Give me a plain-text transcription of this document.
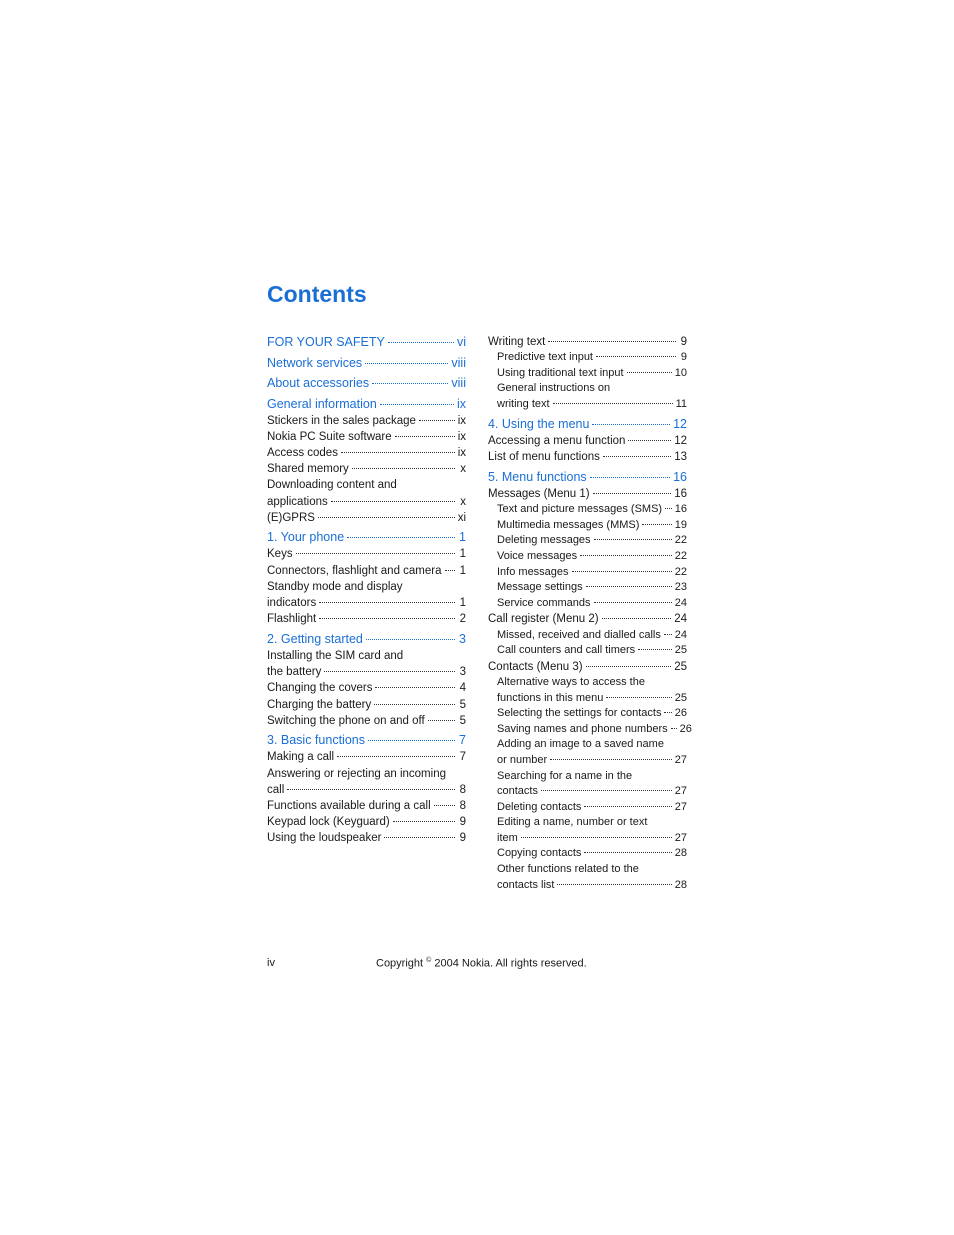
Contents
FOR YOUR SAFETY	vi
Network services	viii
About accessories	viii
General information	ix
Stickers in the sales package	ix
Nokia PC Suite software	ix
Access codes	ix
Shared memory	x
Downloading content and
applications	x
(E)GPRS	xi
1. Your phone	1
Keys	1
Connectors, flashlight and camera 1
Standby mode and display
indicators	1
Flashlight	2
2. Getting started	3
Installing the SIM card and
the battery	3
Changing the covers	4
Charging the battery	5
Switching the phone on and off	5
3. Basic functions	7
Making a call	7
Answering or rejecting an incoming
call	8
Functions available during a call	8
Keypad lock (Keyguard)	9
Using the loudspeaker	9
Writing text	9
Predictive text input	9
Using traditional text input	10
General instructions on
writing text	11
4. Using the menu	12
Accessing a menu function	12
List of menu functions	13
5. Menu functions	16
Messages (Menu 1)	16
Text and picture messages (SMS) 16
Multimedia messages (MMS)	19
Deleting messages	22
Voice messages	22
Info messages	22
Message settings	23
Service commands	24
Call register (Menu 2)	24
Missed, received and dialled calls 24
Call counters and call timers	25
Contacts (Menu 3)	25
Alternative ways to access the
functions in this menu	25
Selecting the settings for contacts 26
Saving names and phone numbers 26
Adding an image to a saved name
or number	27
Searching for a name in the
contacts	27
Deleting contacts	27
Editing a name, number or text
item	27
Copying contacts	28
Other functions related to the
contacts list	28
iv	Copyright © 2004 Nokia. All rights reserved.
